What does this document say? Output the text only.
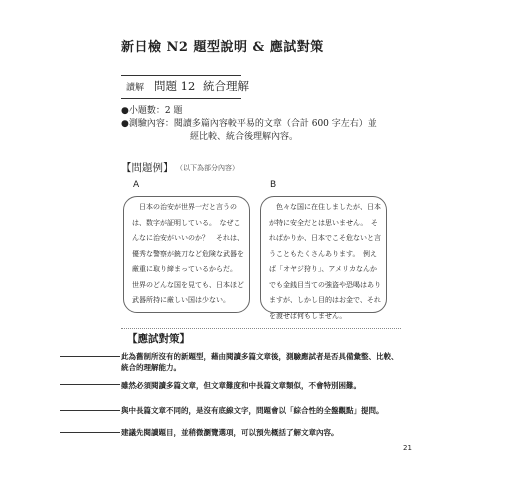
新日檢 N2 題型說明 & 應試對策
讀解 問題 12 統合理解
●小題數：2 題
●測驗內容：閱讀多篇內容較平易的文章（合計 600 字左右）並
經比較、統合後理解內容。
【問題例】 （以下為部分內容）
A	B
　日本の治安が世界一だと言うのは、数字が証明している。　なぜこんなに治安がいいのか？　それは、優秀な警察が銃刀など危険な武器を厳重に取り締まっているからだ。　世界のどんな国を見ても、日本ほど武器所持に厳しい国は少ない。
　色々な国に在住しましたが、日本が特に安全だとは思いません。　そればかりか、日本でこそ危ないと言うこともたくさんあります。　例えば「オヤジ狩り」、アメリカなんかでも金銭目当ての強盗や恐喝はありますが、しかし目的はお金で、それを渡せば何もしません。
【應試對策】
此為舊制所沒有的新題型，藉由閱讀多篇文章後，測驗應試者是否具備彙整、比較、統合的理解能力。
雖然必須閱讀多篇文章，但文章難度和中長篇文章類似，不會特別困難。
與中長篇文章不同的，是沒有底線文字，問題會以「綜合性的全盤觀點」提問。
建議先閱讀題目，並稍微瀏覽選項，可以預先概括了解文章內容。
21
